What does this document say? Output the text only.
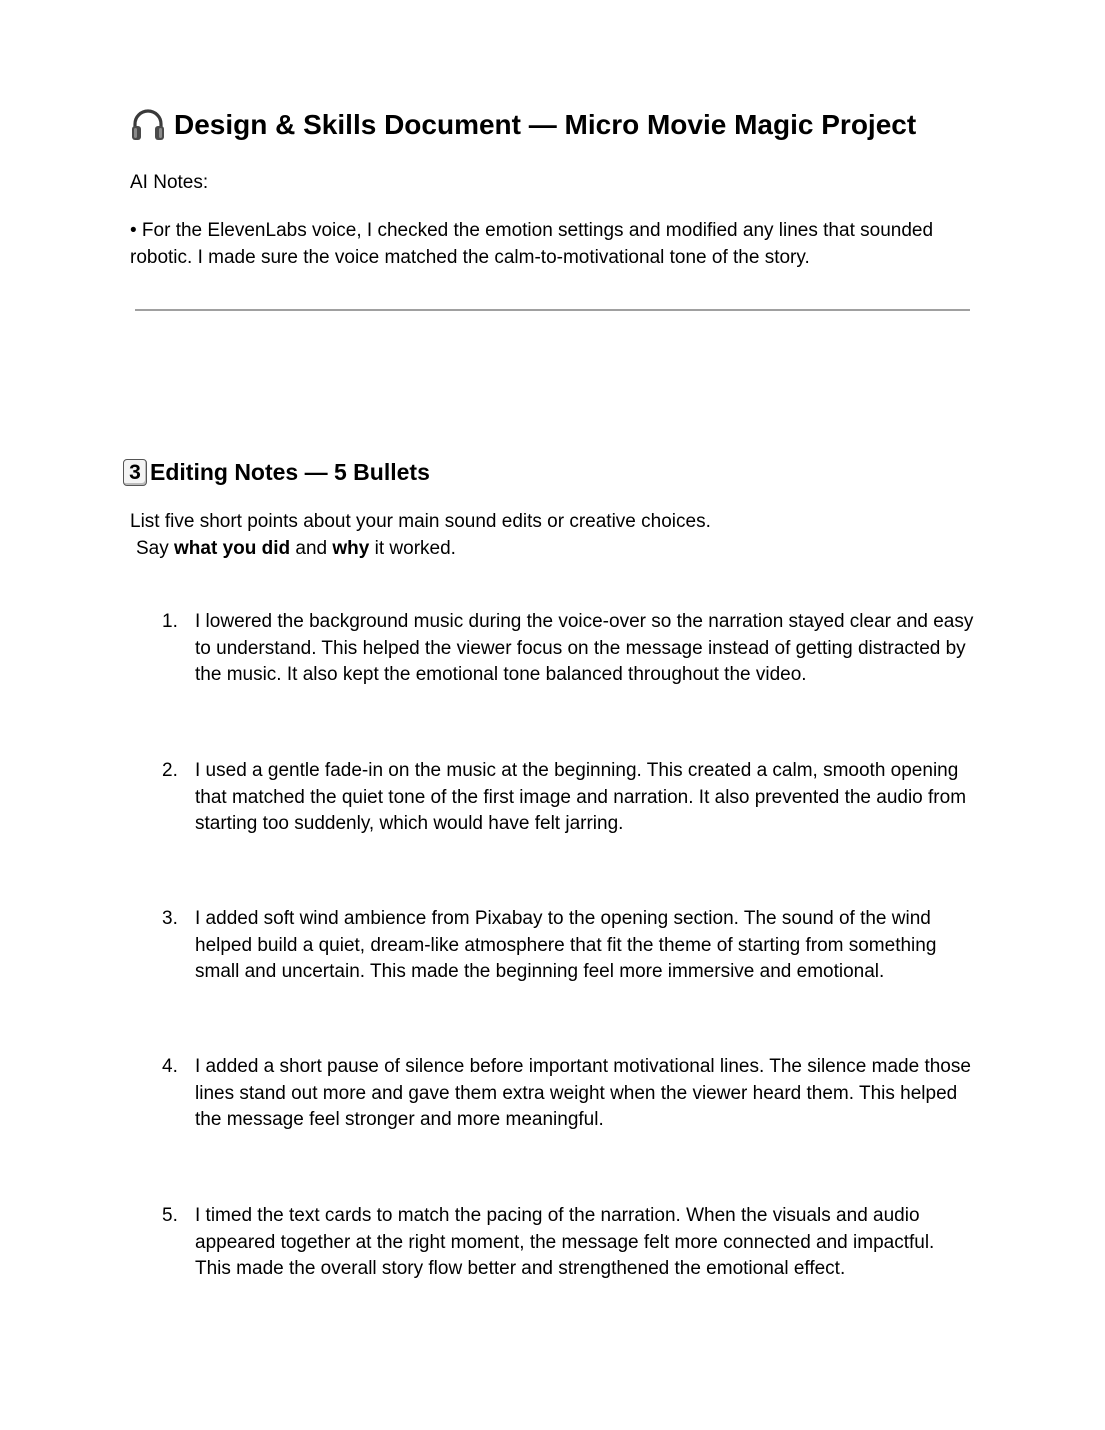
Design & Skills Document — Micro Movie Magic Project

AI Notes:

• For the ElevenLabs voice, I checked the emotion settings and modified any lines that sounded robotic. I made sure the voice matched the calm-to-motivational tone of the story.

3 Editing Notes — 5 Bullets

List five short points about your main sound edits or creative choices.

Say what you did and why it worked.

1. I lowered the background music during the voice-over so the narration stayed clear and easy to understand. This helped the viewer focus on the message instead of getting distracted by the music. It also kept the emotional tone balanced throughout the video.
2. I used a gentle fade-in on the music at the beginning. This created a calm, smooth opening that matched the quiet tone of the first image and narration. It also prevented the audio from starting too suddenly, which would have felt jarring.
3. I added soft wind ambience from Pixabay to the opening section. The sound of the wind helped build a quiet, dream-like atmosphere that fit the theme of starting from something small and uncertain. This made the beginning feel more immersive and emotional.
4. I added a short pause of silence before important motivational lines. The silence made those lines stand out more and gave them extra weight when the viewer heard them. This helped the message feel stronger and more meaningful.
5. I timed the text cards to match the pacing of the narration. When the visuals and audio appeared together at the right moment, the message felt more connected and impactful. This made the overall story flow better and strengthened the emotional effect.
